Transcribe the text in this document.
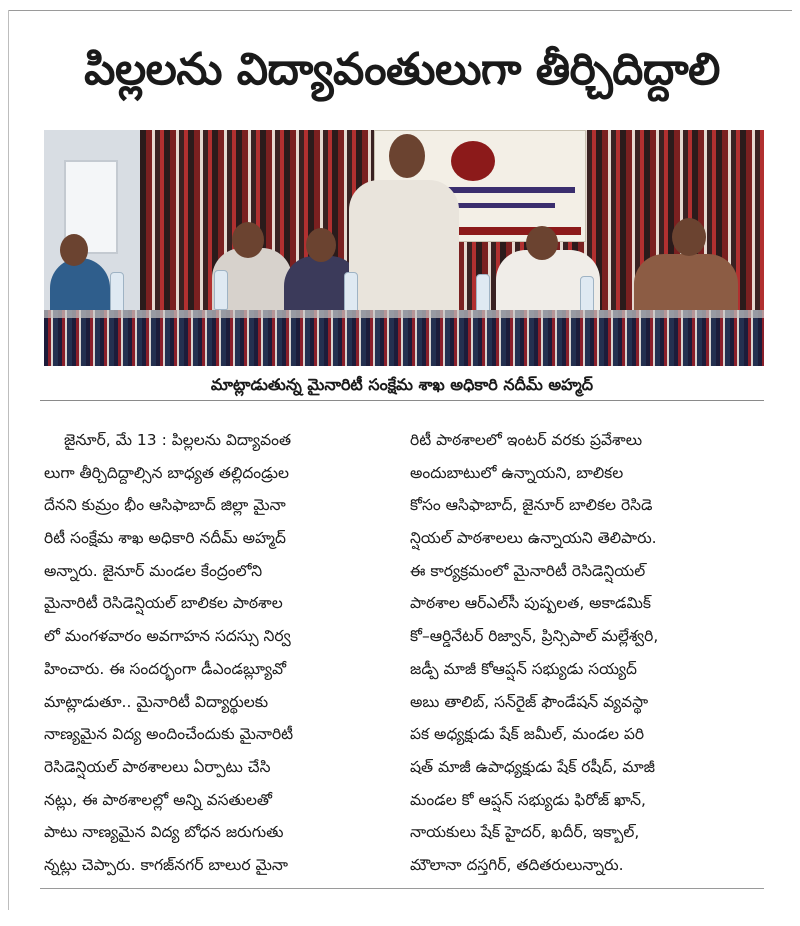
పిల్లలను విద్యావంతులుగా తీర్చిదిద్దాలి
మాట్లాడుతున్న మైనారిటీ సంక్షేమ శాఖ అధికారి నదీమ్ అహ్మద్
జైనూర్, మే 13 : పిల్లలను విద్యావంత
లుగా తీర్చిదిద్దాల్సిన బాధ్యత తల్లిదండ్రుల
దేనని కుమ్రం భీం ఆసిఫాబాద్ జిల్లా మైనా
రిటీ సంక్షేమ శాఖ అధికారి నదీమ్ అహ్మద్
అన్నారు. జైనూర్ మండల కేంద్రంలోని
మైనారిటీ రెసిడెన్షియల్ బాలికల పాఠశాల
లో మంగళవారం అవగాహన సదస్సు నిర్వ
హించారు. ఈ సందర్భంగా డీఎండబ్ల్యూవో
మాట్లాడుతూ.. మైనారిటీ విద్యార్థులకు
నాణ్యమైన విద్య అందించేందుకు మైనారిటీ
రెసిడెన్షియల్ పాఠశాలలు ఏర్పాటు చేసి
నట్లు, ఈ పాఠశాలల్లో అన్ని వసతులతో
పాటు నాణ్యమైన విద్య బోధన జరుగుతు
న్నట్లు చెప్పారు. కాగజ్‌నగర్ బాలుర మైనా
రిటీ పాఠశాలలో ఇంటర్ వరకు ప్రవేశాలు
అందుబాటులో ఉన్నాయని, బాలికల
కోసం ఆసిఫాబాద్, జైనూర్ బాలికల రెసిడె
న్షియల్ పాఠశాలలు ఉన్నాయని తెలిపారు.
ఈ కార్యక్రమంలో మైనారిటీ రెసిడెన్షియల్
పాఠశాల ఆర్‌ఎల్‌సీ పుష్పలత, అకాడమిక్
కో–ఆర్డినేటర్ రిజ్వాన్, ప్రిన్సిపాల్ మల్లేశ్వరి,
జడ్పీ మాజీ కోఆప్షన్ సభ్యుడు సయ్యద్
అబు తాలిబ్, సన్‌రైజ్ ఫౌండేషన్ వ్యవస్థా
పక అధ్యక్షుడు షేక్ జమీల్, మండల పరి
షత్ మాజీ ఉపాధ్యక్షుడు షేక్ రషీద్, మాజీ
మండల కో ఆప్షన్ సభ్యుడు ఫిరోజ్ ఖాన్,
నాయకులు షేక్ హైదర్, ఖదీర్, ఇక్బాల్,
మౌలానా దస్తగిర్, తదితరులున్నారు.
